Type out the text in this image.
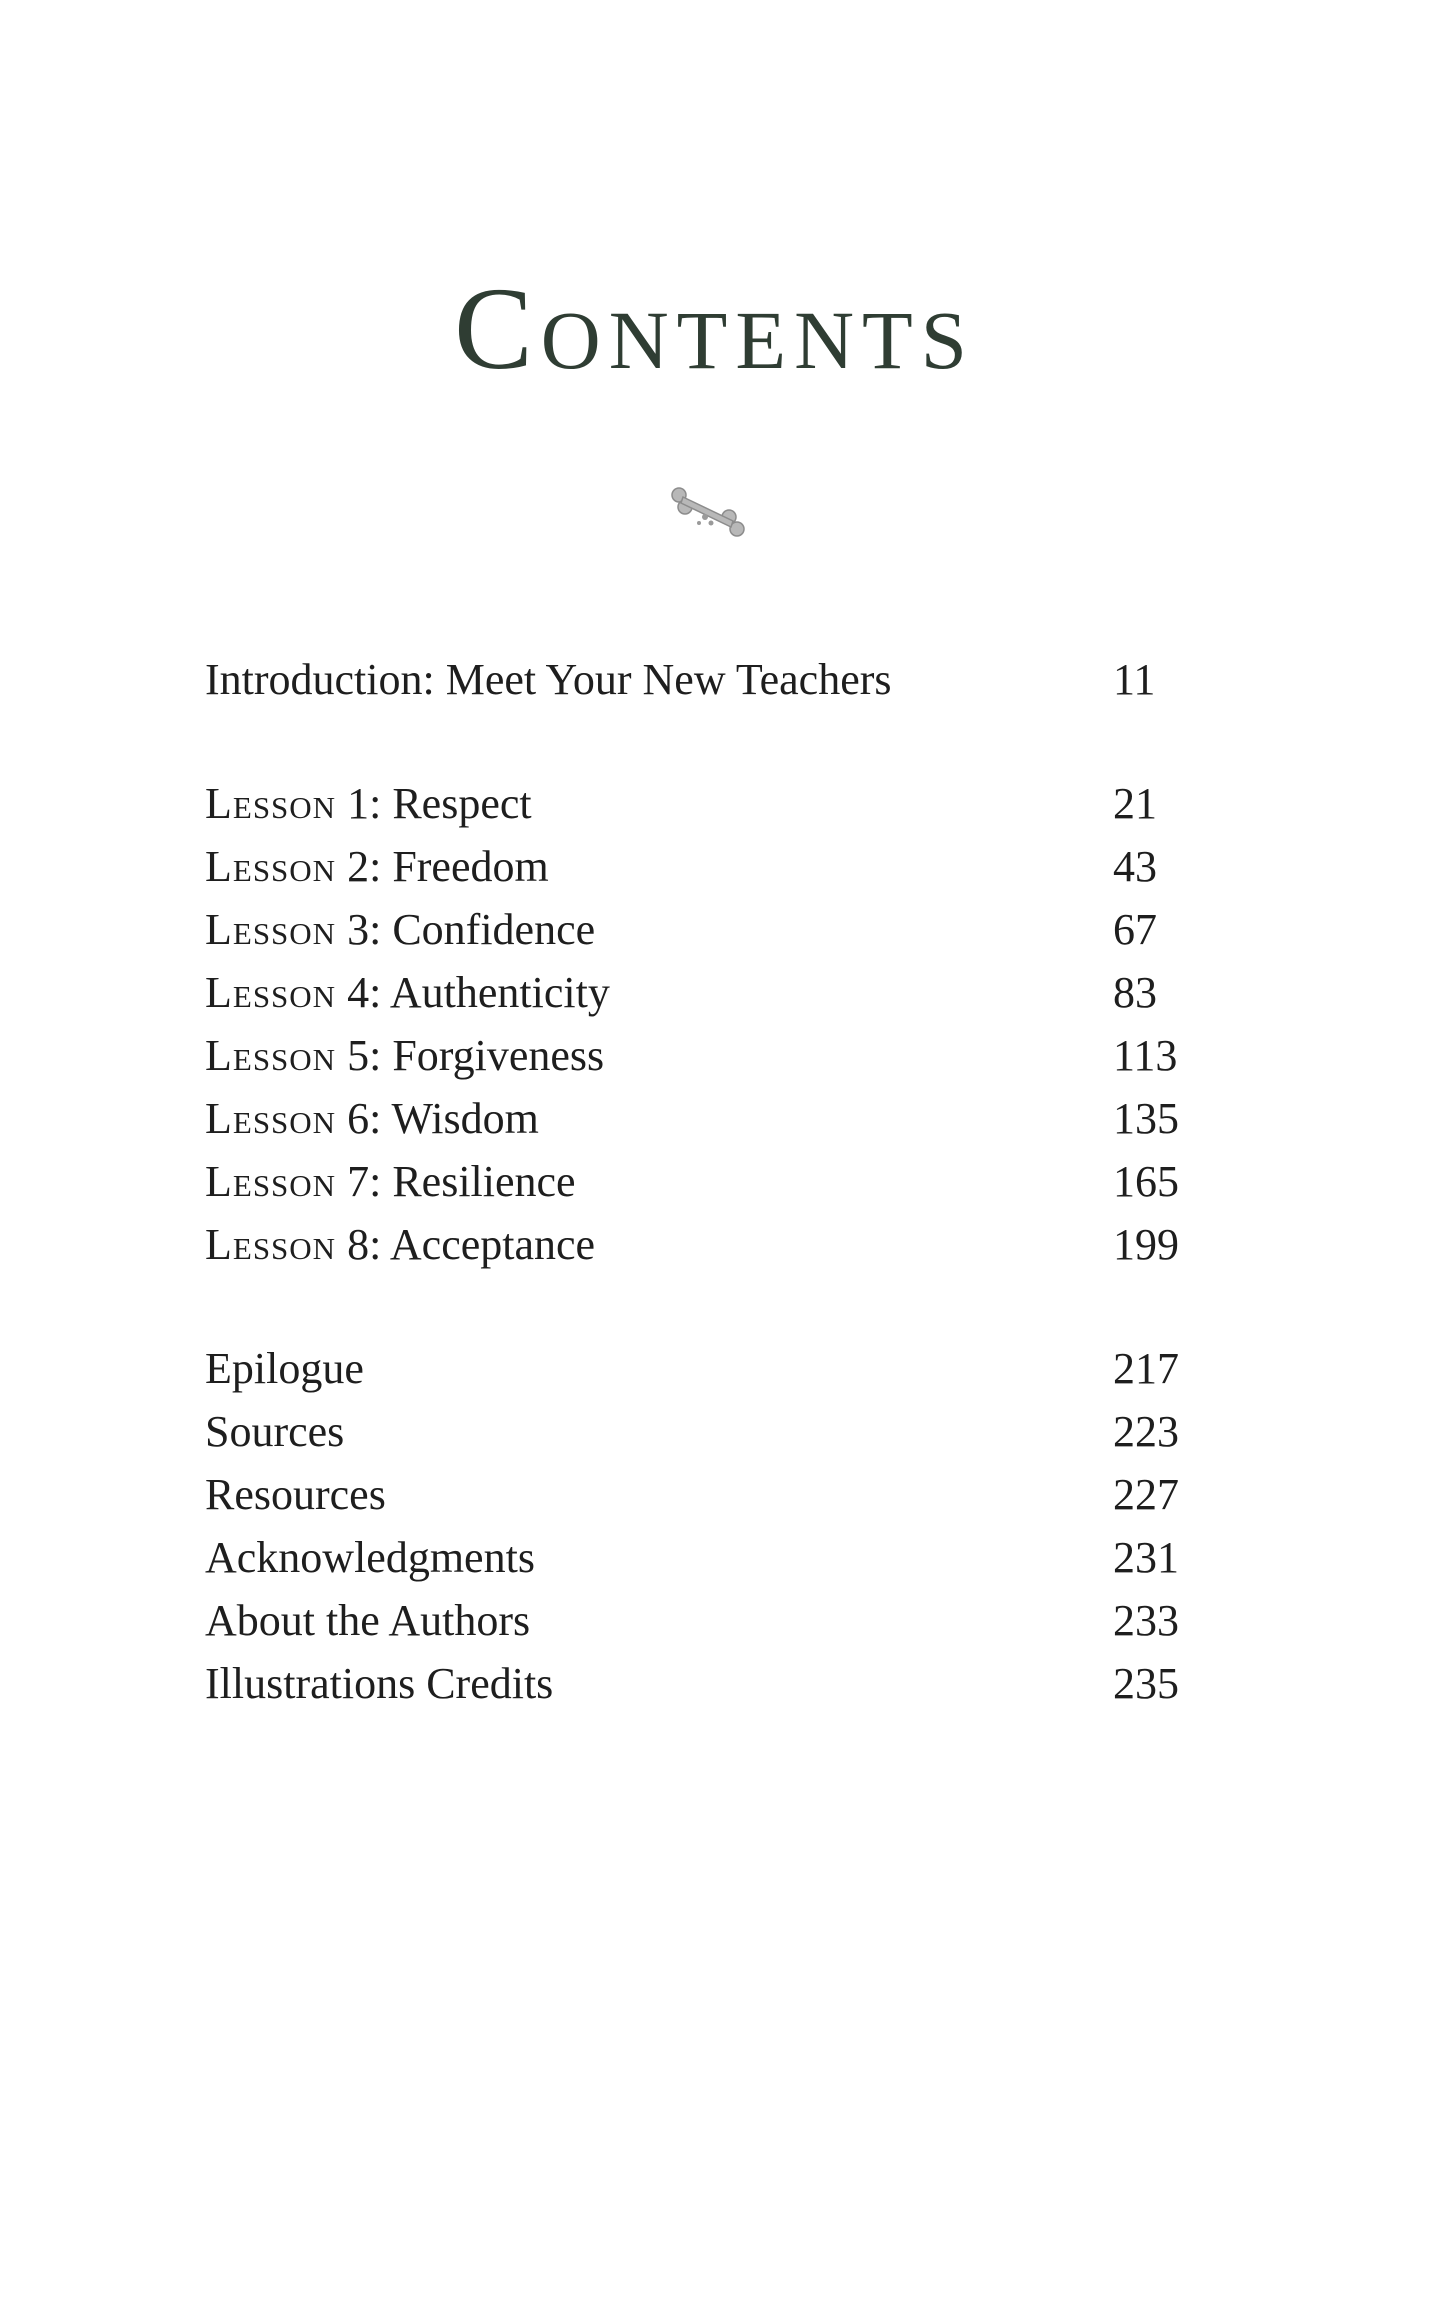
Contents
Introduction: Meet Your New Teachers	11
Lesson 1: Respect	21
Lesson 2: Freedom	43
Lesson 3: Confidence	67
Lesson 4: Authenticity	83
Lesson 5: Forgiveness	113
Lesson 6: Wisdom	135
Lesson 7: Resilience	165
Lesson 8: Acceptance	199
Epilogue	217
Sources	223
Resources	227
Acknowledgments	231
About the Authors	233
Illustrations Credits	235
